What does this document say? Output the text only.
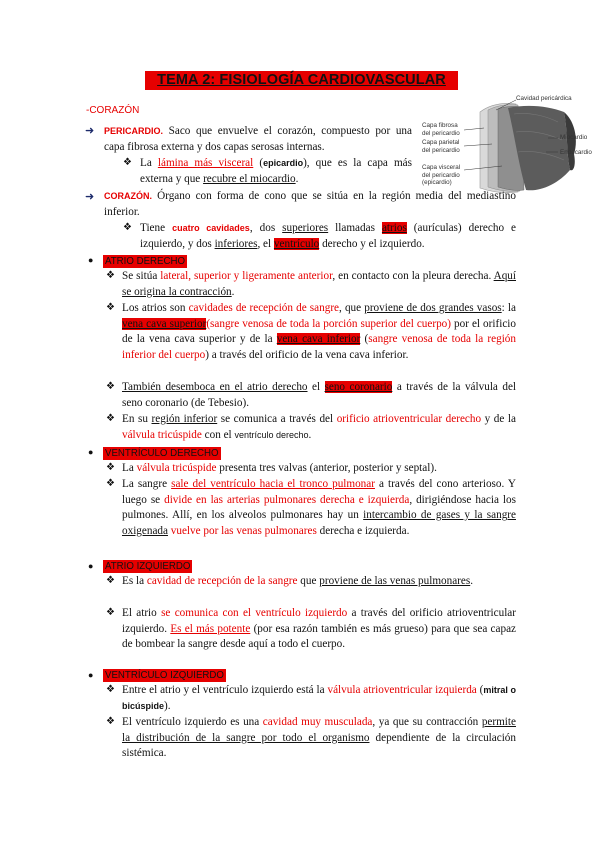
TEMA 2: FISIOLOGÍA CARDIOVASCULAR
-CORAZÓN
Cavidad pericárdica
Capa fibrosa
del pericardio
Capa parietal
del pericardio
Capa visceral
del pericardio
(epicardio)
Miocardio
Endocardio
➜ PERICARDIO. Saco que envuelve el corazón, compuesto por una capa fibrosa externa y dos capas serosas internas.
❖ La lámina más visceral (epicardio), que es la capa más externa y que recubre el miocardio.
➜ CORAZÓN. Órgano con forma de cono que se sitúa en la región media del mediastino inferior.
❖ Tiene cuatro cavidades, dos superiores llamadas atrios (aurículas) derecho e izquierdo, y dos inferiores, el ventrículo derecho y el izquierdo.
● ATRIO DERECHO
❖ Se sitúa lateral, superior y ligeramente anterior, en contacto con la pleura derecha. Aquí se origina la contracción.
❖ Los atrios son cavidades de recepción de sangre, que proviene de dos grandes vasos: la vena cava superior(sangre venosa de toda la porción superior del cuerpo) por el orificio de la vena cava superior y de la vena cava inferior (sangre venosa de toda la región inferior del cuerpo) a través del orificio de la vena cava inferior.
❖ También desemboca en el atrio derecho el seno coronario a través de la válvula del seno coronario (de Tebesio).
❖ En su región inferior se comunica a través del orificio atrioventricular derecho y de la válvula tricúspide con el ventrículo derecho.
● VENTRÍCULO DERECHO
❖ La válvula tricúspide presenta tres valvas (anterior, posterior y septal).
❖ La sangre sale del ventrículo hacia el tronco pulmonar a través del cono arterioso. Y luego se divide en las arterias pulmonares derecha e izquierda, dirigiéndose hacia los pulmones. Allí, en los alveolos pulmonares hay un intercambio de gases y la sangre oxigenada vuelve por las venas pulmonares derecha e izquierda.
● ATRIO IZQUIERDO
❖ Es la cavidad de recepción de la sangre que proviene de las venas pulmonares.
❖ El atrio se comunica con el ventrículo izquierdo a través del orificio atrioventricular izquierdo. Es el más potente (por esa razón también es más grueso) para que sea capaz de bombear la sangre desde aquí a todo el cuerpo.
● VENTRÍCULO IZQUIERDO
❖ Entre el atrio y el ventrículo izquierdo está la válvula atrioventricular izquierda (mitral o bicúspide).
❖ El ventrículo izquierdo es una cavidad muy musculada, ya que su contracción permite la distribución de la sangre por todo el organismo dependiente de la circulación sistémica.
